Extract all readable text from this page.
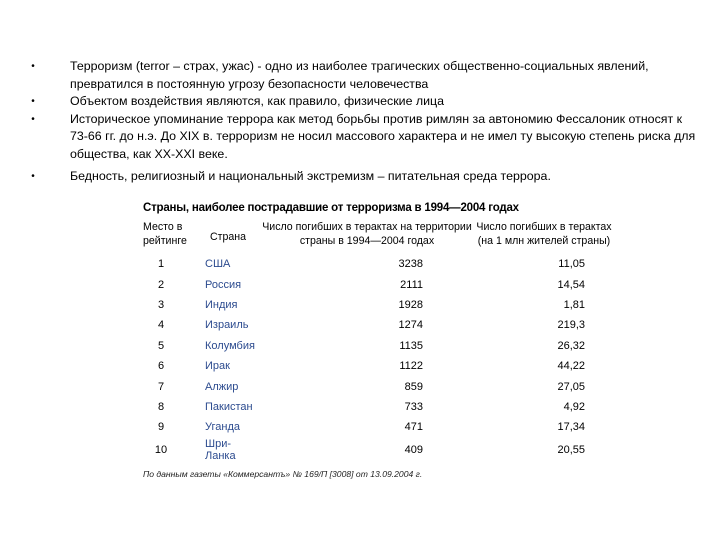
•	Терроризм (terror – страх, ужас) - одно из наиболее трагических общественно-социальных явлений, превратился в постоянную угрозу безопасности человечества
•	Объектом воздействия являются, как правило, физические лица
•	Историческое упоминание террора как метод борьбы против римлян за автономию Фессалоник относят к 73-66 гг. до н.э. До XIX в. терроризм не носил массового характера и не имел ту высокую степень риска для общества, как XX-XXI веке.
•	Бедность, религиозный и национальный экстремизм – питательная среда террора.
Страны, наиболее пострадавшие от терроризма в 1994—2004 годах
Место в рейтинге	Страна	Число погибших в терактах на территории страны в 1994—2004 годах	Число погибших в терактах (на 1 млн жителей страны)
1	США	3238	11,05
2	Россия	2111	14,54
3	Индия	1928	1,81
4	Израиль	1274	219,3
5	Колумбия	1135	26,32
6	Ирак	1122	44,22
7	Алжир	859	27,05
8	Пакистан	733	4,92
9	Уганда	471	17,34
10	Шри-Ланка	409	20,55
По данным газеты «Коммерсантъ» № 169/П [3008] от 13.09.2004 г.
